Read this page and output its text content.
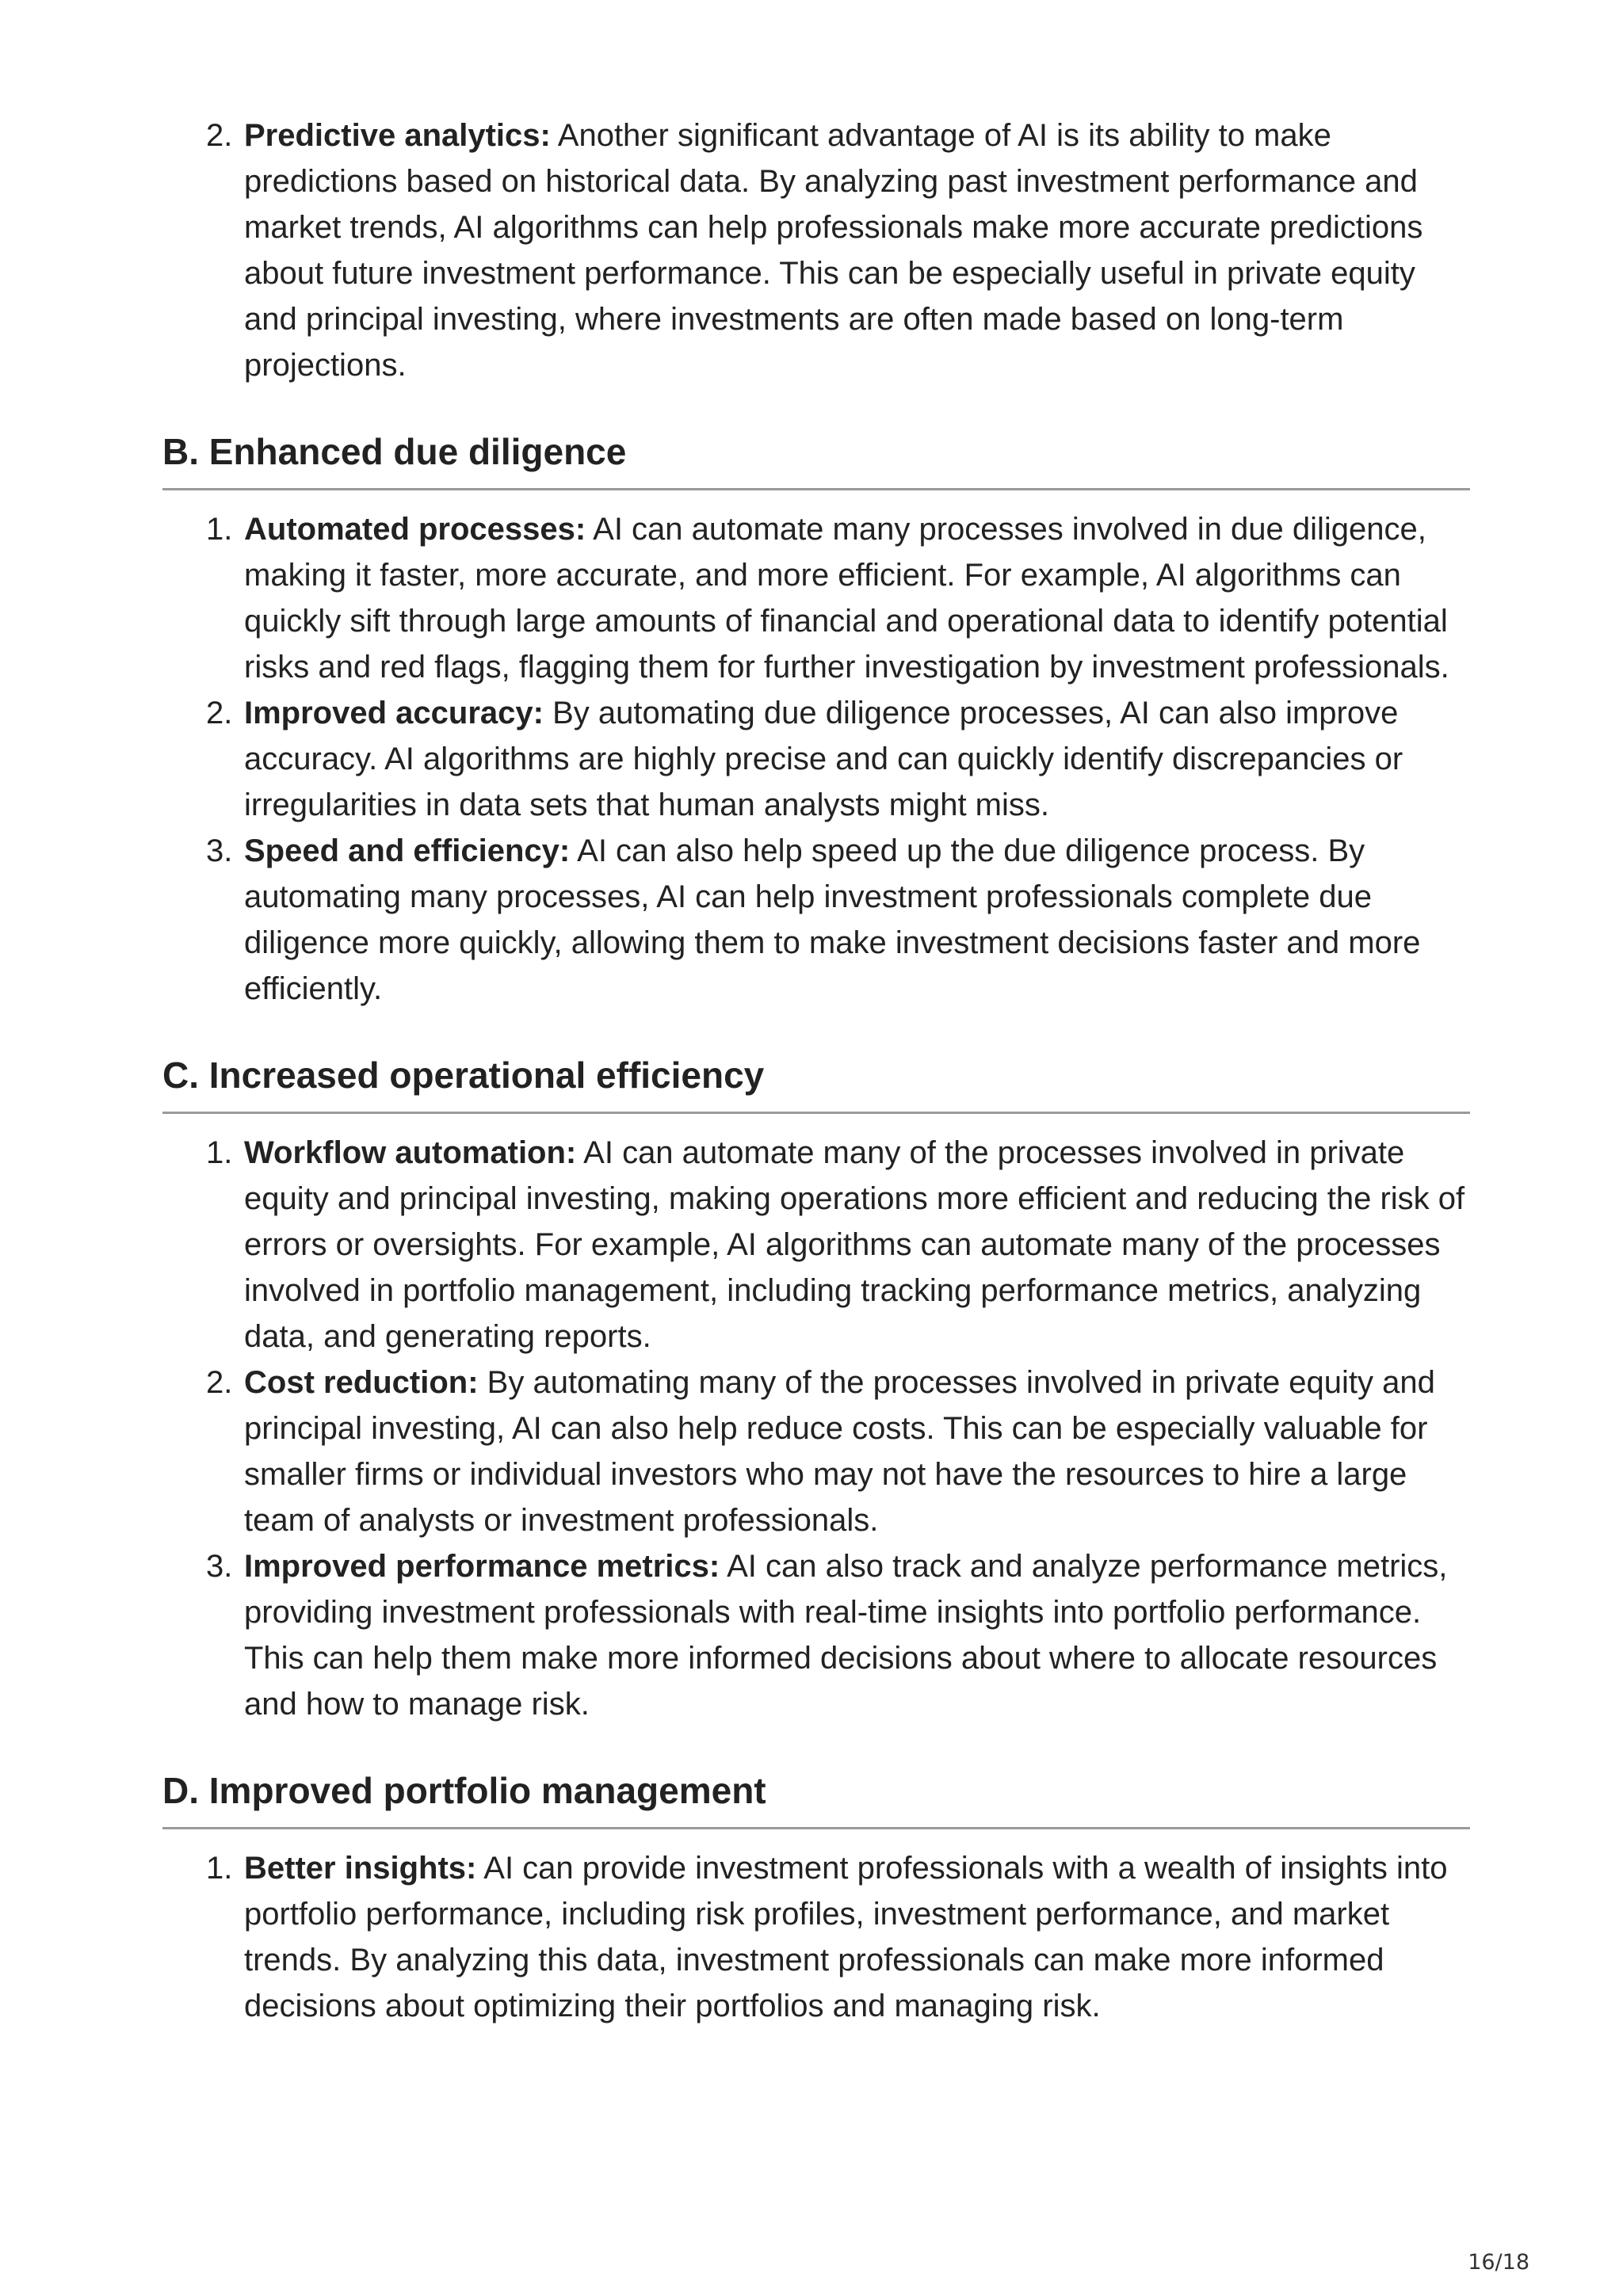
2. Predictive analytics: Another significant advantage of AI is its ability to make predictions based on historical data. By analyzing past investment performance and market trends, AI algorithms can help professionals make more accurate predictions about future investment performance. This can be especially useful in private equity and principal investing, where investments are often made based on long-term projections.
B. Enhanced due diligence
1. Automated processes: AI can automate many processes involved in due diligence, making it faster, more accurate, and more efficient. For example, AI algorithms can quickly sift through large amounts of financial and operational data to identify potential risks and red flags, flagging them for further investigation by investment professionals.
2. Improved accuracy: By automating due diligence processes, AI can also improve accuracy. AI algorithms are highly precise and can quickly identify discrepancies or irregularities in data sets that human analysts might miss.
3. Speed and efficiency: AI can also help speed up the due diligence process. By automating many processes, AI can help investment professionals complete due diligence more quickly, allowing them to make investment decisions faster and more efficiently.
C. Increased operational efficiency
1. Workflow automation: AI can automate many of the processes involved in private equity and principal investing, making operations more efficient and reducing the risk of errors or oversights. For example, AI algorithms can automate many of the processes involved in portfolio management, including tracking performance metrics, analyzing data, and generating reports.
2. Cost reduction: By automating many of the processes involved in private equity and principal investing, AI can also help reduce costs. This can be especially valuable for smaller firms or individual investors who may not have the resources to hire a large team of analysts or investment professionals.
3. Improved performance metrics: AI can also track and analyze performance metrics, providing investment professionals with real-time insights into portfolio performance. This can help them make more informed decisions about where to allocate resources and how to manage risk.
D. Improved portfolio management
1. Better insights: AI can provide investment professionals with a wealth of insights into portfolio performance, including risk profiles, investment performance, and market trends. By analyzing this data, investment professionals can make more informed decisions about optimizing their portfolios and managing risk.
16/18
